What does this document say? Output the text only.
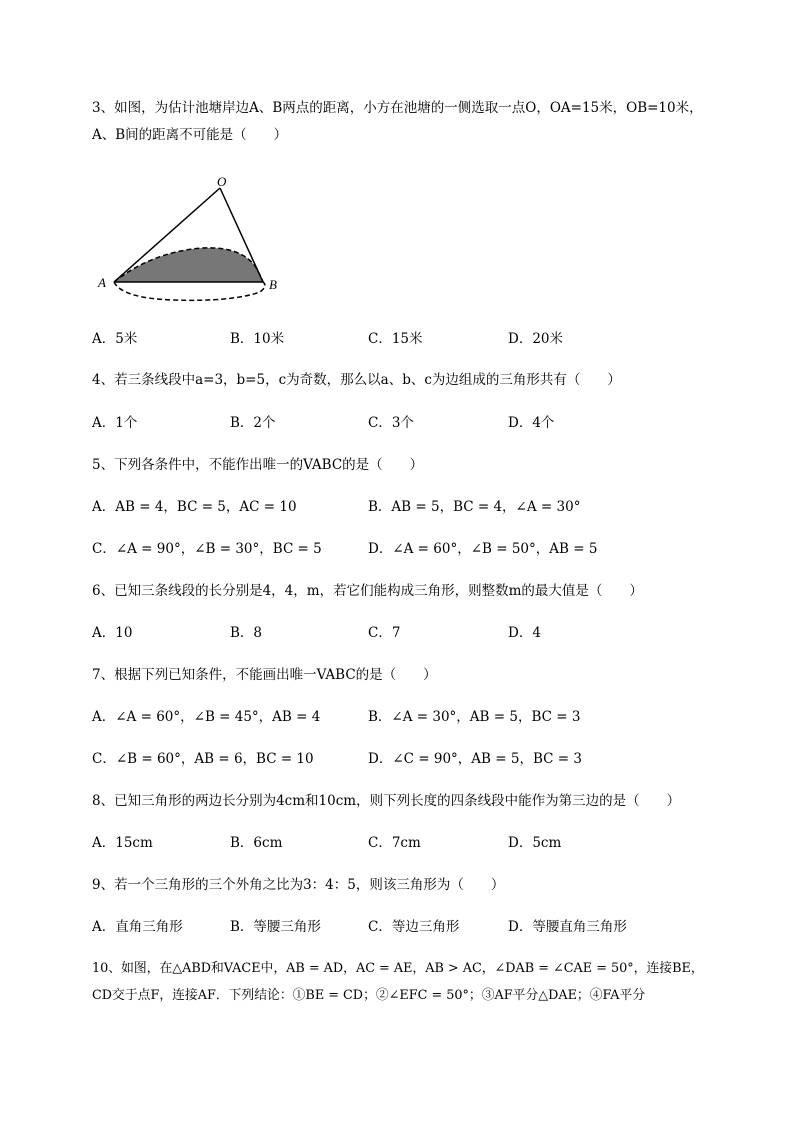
3、如图，为估计池塘岸边A、B两点的距离，小方在池塘的一侧选取一点O，OA=15米，OB=10米，
A、B间的距离不可能是（　　）
O
A	B
A．5米	B．10米	C．15米	D．20米
4、若三条线段中a=3，b=5，c为奇数，那么以a、b、c为边组成的三角形共有（　　）
A．1个	B．2个	C．3个	D．4个
5、下列各条件中，不能作出唯一的VABC的是（　　）
A．AB = 4，BC = 5，AC = 10	B．AB = 5，BC = 4，∠A = 30°
C．∠A = 90°，∠B = 30°，BC = 5	D．∠A = 60°，∠B = 50°，AB = 5
6、已知三条线段的长分别是4，4，m，若它们能构成三角形，则整数m的最大值是（　　）
A．10	B．8	C．7	D．4
7、根据下列已知条件，不能画出唯一VABC的是（　　）
A．∠A = 60°，∠B = 45°，AB = 4	B．∠A = 30°，AB = 5，BC = 3
C．∠B = 60°，AB = 6，BC = 10	D．∠C = 90°，AB = 5，BC = 3
8、已知三角形的两边长分别为4cm和10cm，则下列长度的四条线段中能作为第三边的是（　　）
A．15cm	B．6cm	C．7cm	D．5cm
9、若一个三角形的三个外角之比为3：4：5，则该三角形为（　　）
A．直角三角形	B．等腰三角形	C．等边三角形	D．等腰直角三角形
10、如图，在△ABD和VACE中，AB = AD，AC = AE，AB > AC，∠DAB = ∠CAE = 50°，连接BE，
CD交于点F，连接AF．下列结论：①BE = CD；②∠EFC = 50°；③AF平分△DAE；④FA平分
